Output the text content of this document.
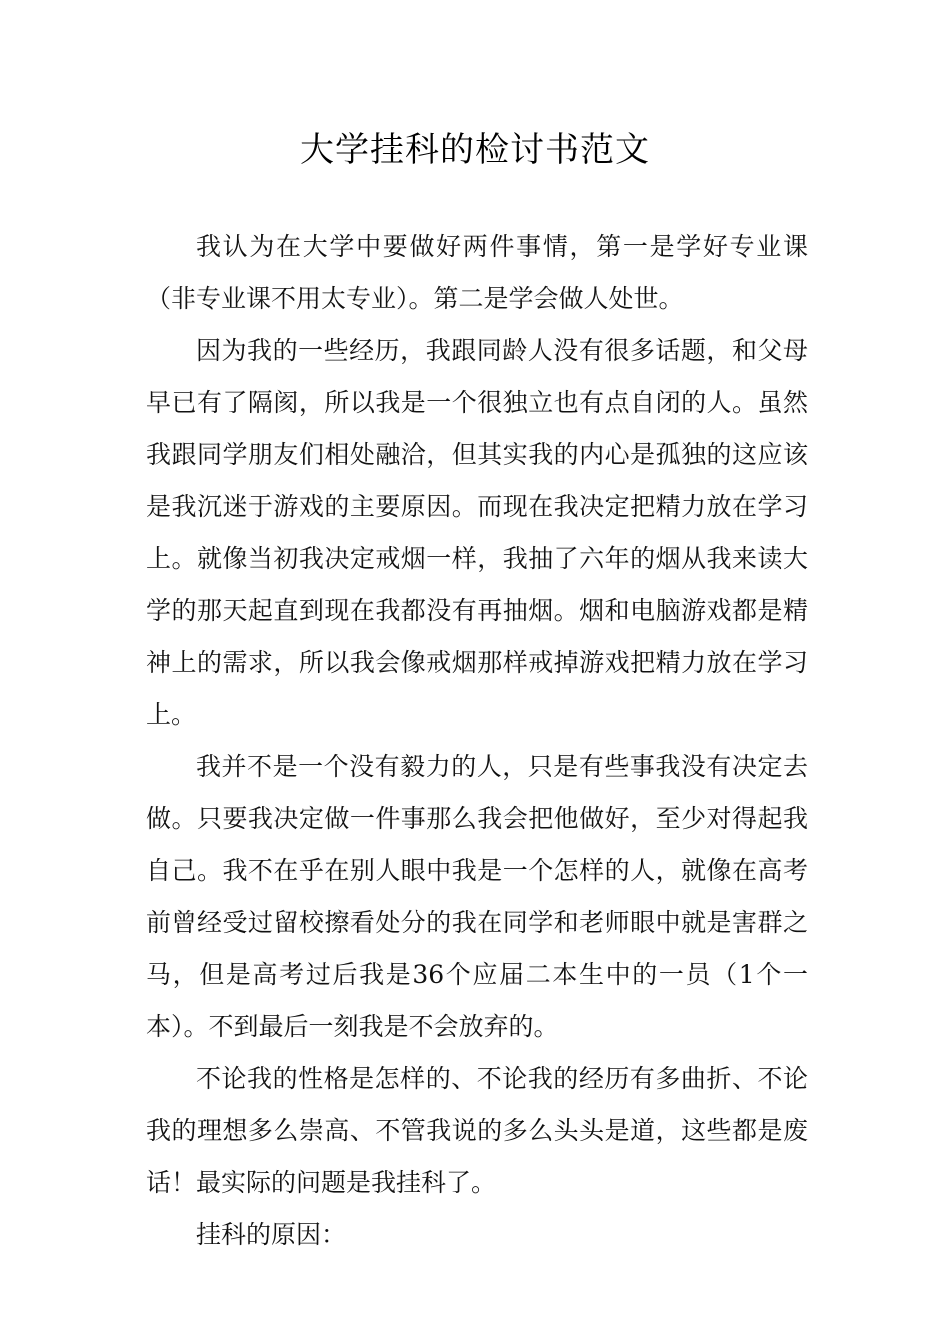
大学挂科的检讨书范文

我认为在大学中要做好两件事情，第一是学好专业课（非专业课不用太专业）。第二是学会做人处世。

因为我的一些经历，我跟同龄人没有很多话题，和父母早已有了隔阂，所以我是一个很独立也有点自闭的人。虽然我跟同学朋友们相处融洽，但其实我的内心是孤独的这应该是我沉迷于游戏的主要原因。而现在我决定把精力放在学习上。就像当初我决定戒烟一样，我抽了六年的烟从我来读大学的那天起直到现在我都没有再抽烟。烟和电脑游戏都是精神上的需求，所以我会像戒烟那样戒掉游戏把精力放在学习上。

我并不是一个没有毅力的人，只是有些事我没有决定去做。只要我决定做一件事那么我会把他做好，至少对得起我自己。我不在乎在别人眼中我是一个怎样的人，就像在高考前曾经受过留校擦看处分的我在同学和老师眼中就是害群之马，但是高考过后我是36个应届二本生中的一员（1个一本）。不到最后一刻我是不会放弃的。

不论我的性格是怎样的、不论我的经历有多曲折、不论我的理想多么崇高、不管我说的多么头头是道，这些都是废话！最实际的问题是我挂科了。

挂科的原因：
